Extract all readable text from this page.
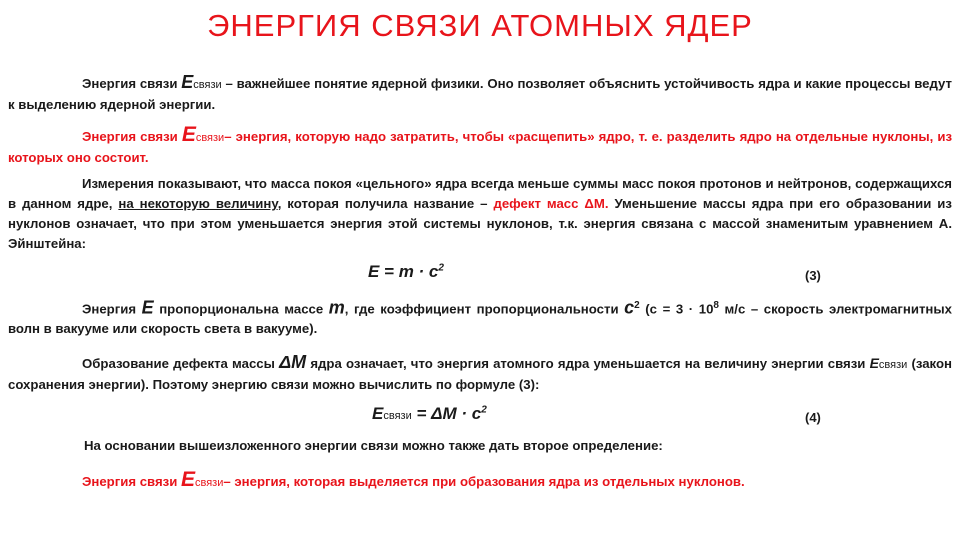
ЭНЕРГИЯ СВЯЗИ АТОМНЫХ ЯДЕР
Энергия связи Eсвязи – важнейшее понятие ядерной физики. Оно позволяет объяснить устойчивость ядра и какие процессы ведут к выделению ядерной энергии.
Энергия связи Eсвязи– энергия, которую надо затратить, чтобы «расщепить» ядро, т. е. разделить ядро на отдельные нуклоны, из которых оно состоит.
Измерения показывают, что масса покоя «цельного» ядра всегда меньше суммы масс покоя протонов и нейтронов, содержащихся в данном ядре, на некоторую величину, которая получила название – дефект масс ΔM. Уменьшение массы ядра при его образовании из нуклонов означает, что при этом уменьшается энергия этой системы нуклонов, т.к. энергия связана с массой знаменитым уравнением А. Эйнштейна:
$E = m \cdot c^2$
(3)
Энергия E пропорциональна массе m, где коэффициент пропорциональности $c^2$ ($с = 3 \cdot 10^8$ м/с – скорость электромагнитных волн в вакууме или скорость света в вакууме).
Образование дефекта массы ΔM ядра означает, что энергия атомного ядра уменьшается на величину энергии связи Eсвязи (закон сохранения энергии). Поэтому энергию связи можно вычислить по формуле (3):
Eсвязи = $\Delta M \cdot c^2$
(4)
На основании вышеизложенного энергии связи можно также дать второе определение:
Энергия связи Eсвязи– энергия, которая выделяется при образования ядра из отдельных нуклонов.
